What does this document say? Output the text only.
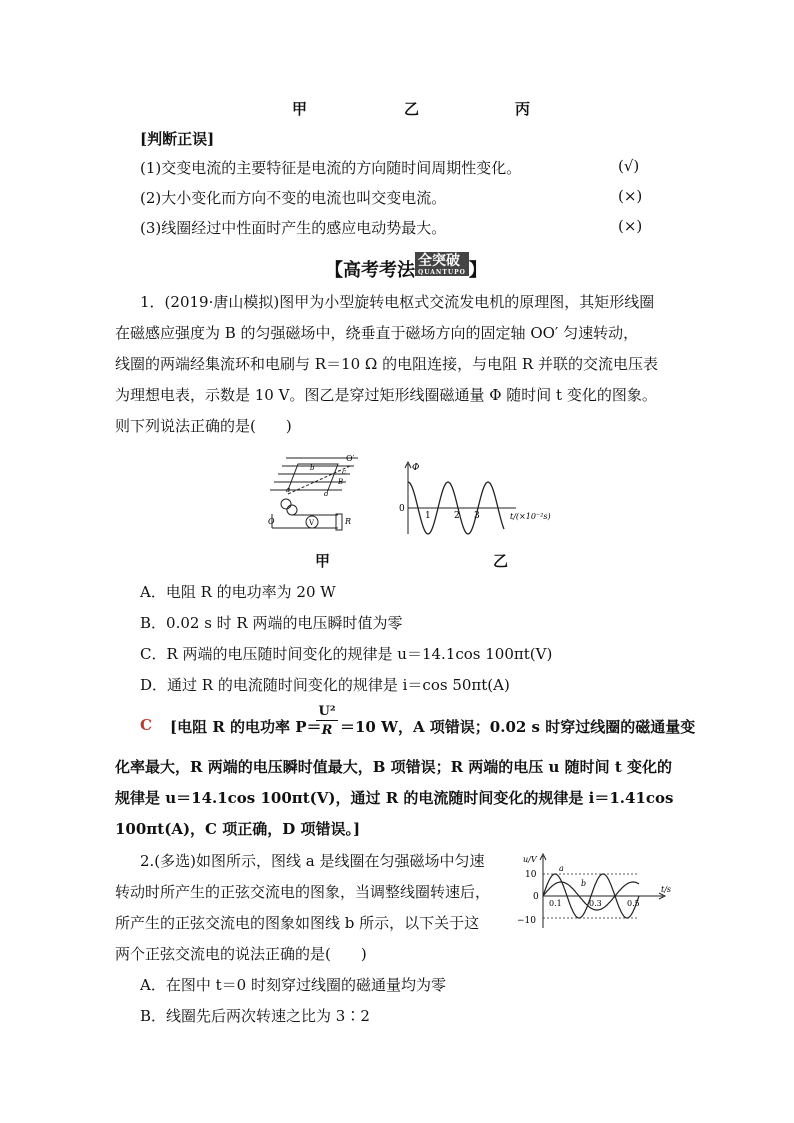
甲	乙	丙
[判断正误]
(1)交变电流的主要特征是电流的方向随时间周期性变化。	(√)
(2)大小变化而方向不变的电流也叫交变电流。	(×)
(3)线圈经过中性面时产生的感应电动势最大。	(×)
【高考考法 全突破
QUANTUPO 】
1．(2019·唐山模拟)图甲为小型旋转电枢式交流发电机的原理图，其矩形线圈
在磁感应强度为 B 的匀强磁场中，绕垂直于磁场方向的固定轴 OO′ 匀速转动，
线圈的两端经集流环和电刷与 R＝10 Ω 的电阻连接，与电阻 R 并联的交流电压表
为理想电表，示数是 10 V。图乙是穿过矩形线圈磁通量 Φ 随时间 t 变化的图象。
则下列说法正确的是(　　)
O′
b	c
B
a	d
O	V	R
Φ
0
1	2 3	t/(×10⁻²s)
甲	乙
A．电阻 R 的电功率为 20 W
B．0.02 s 时 R 两端的电压瞬时值为零
C．R 两端的电压随时间变化的规律是 u＝14.1cos 100πt(V)
D．通过 R 的电流随时间变化的规律是 i＝cos 50πt(A)
C [电阻 R 的电功率 P＝
U²
R ＝10 W，A 项错误；0.02 s 时穿过线圈的磁通量变
化率最大，R 两端的电压瞬时值最大，B 项错误；R 两端的电压 u 随时间 t 变化的
规律是 u＝14.1cos 100πt(V)，通过 R 的电流随时间变化的规律是 i＝1.41cos
100πt(A)，C 项正确，D 项错误。]
2.(多选)如图所示，图线 a 是线圈在匀强磁场中匀速
转动时所产生的正弦交流电的图象，当调整线圈转速后，
所产生的正弦交流电的图象如图线 b 所示，以下关于这
两个正弦交流电的说法正确的是(　　)
u/V
10
0
−10
0.1	0.3	0.5
t/s
a
b
A．在图中 t＝0 时刻穿过线圈的磁通量均为零
B．线圈先后两次转速之比为 3∶2
